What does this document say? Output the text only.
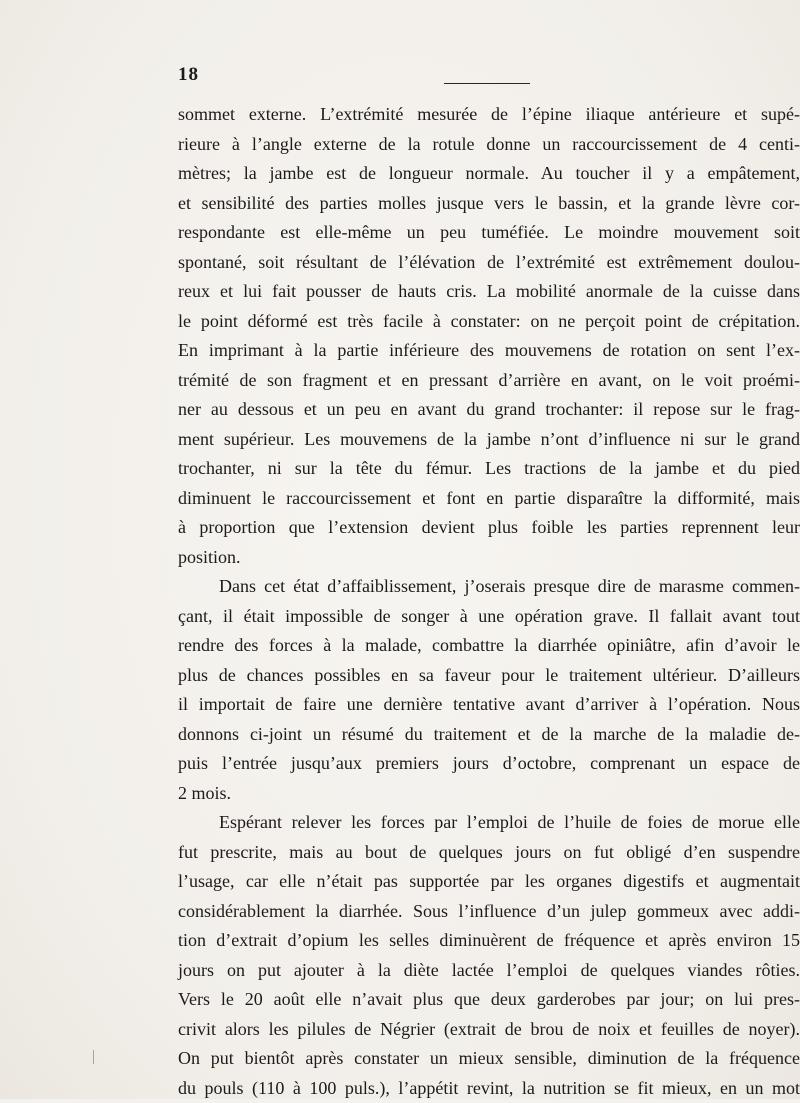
18
sommet externe. L’extrémité mesurée de l’épine iliaque antérieure et supé-
rieure à l’angle externe de la rotule donne un raccourcissement de 4 centi-
mètres; la jambe est de longueur normale. Au toucher il y a empâtement,
et sensibilité des parties molles jusque vers le bassin, et la grande lèvre cor-
respondante est elle-même un peu tuméfiée. Le moindre mouvement soit
spontané, soit résultant de l’élévation de l’extrémité est extrêmement doulou-
reux et lui fait pousser de hauts cris. La mobilité anormale de la cuisse dans
le point déformé est très facile à constater: on ne perçoit point de crépitation.
En imprimant à la partie inférieure des mouvemens de rotation on sent l’ex-
trémité de son fragment et en pressant d’arrière en avant, on le voit proémi-
ner au dessous et un peu en avant du grand trochanter: il repose sur le frag-
ment supérieur. Les mouvemens de la jambe n’ont d’influence ni sur le grand
trochanter, ni sur la tête du fémur. Les tractions de la jambe et du pied
diminuent le raccourcissement et font en partie disparaître la difformité, mais
à proportion que l’extension devient plus foible les parties reprennent leur
position.
Dans cet état d’affaiblissement, j’oserais presque dire de marasme commen-
çant, il était impossible de songer à une opération grave. Il fallait avant tout
rendre des forces à la malade, combattre la diarrhée opiniâtre, afin d’avoir le
plus de chances possibles en sa faveur pour le traitement ultérieur. D’ailleurs
il importait de faire une dernière tentative avant d’arriver à l’opération. Nous
donnons ci-joint un résumé du traitement et de la marche de la maladie de-
puis l’entrée jusqu’aux premiers jours d’octobre, comprenant un espace de
2 mois.
Espérant relever les forces par l’emploi de l’huile de foies de morue elle
fut prescrite, mais au bout de quelques jours on fut obligé d’en suspendre
l’usage, car elle n’était pas supportée par les organes digestifs et augmentait
considérablement la diarrhée. Sous l’influence d’un julep gommeux avec addi-
tion d’extrait d’opium les selles diminuèrent de fréquence et après environ 15
jours on put ajouter à la diète lactée l’emploi de quelques viandes rôties.
Vers le 20 août elle n’avait plus que deux garderobes par jour; on lui pres-
crivit alors les pilules de Négrier (extrait de brou de noix et feuilles de noyer).
On put bientôt après constater un mieux sensible, diminution de la fréquence
du pouls (110 à 100 puls.), l’appétit revint, la nutrition se fit mieux, en un mot
